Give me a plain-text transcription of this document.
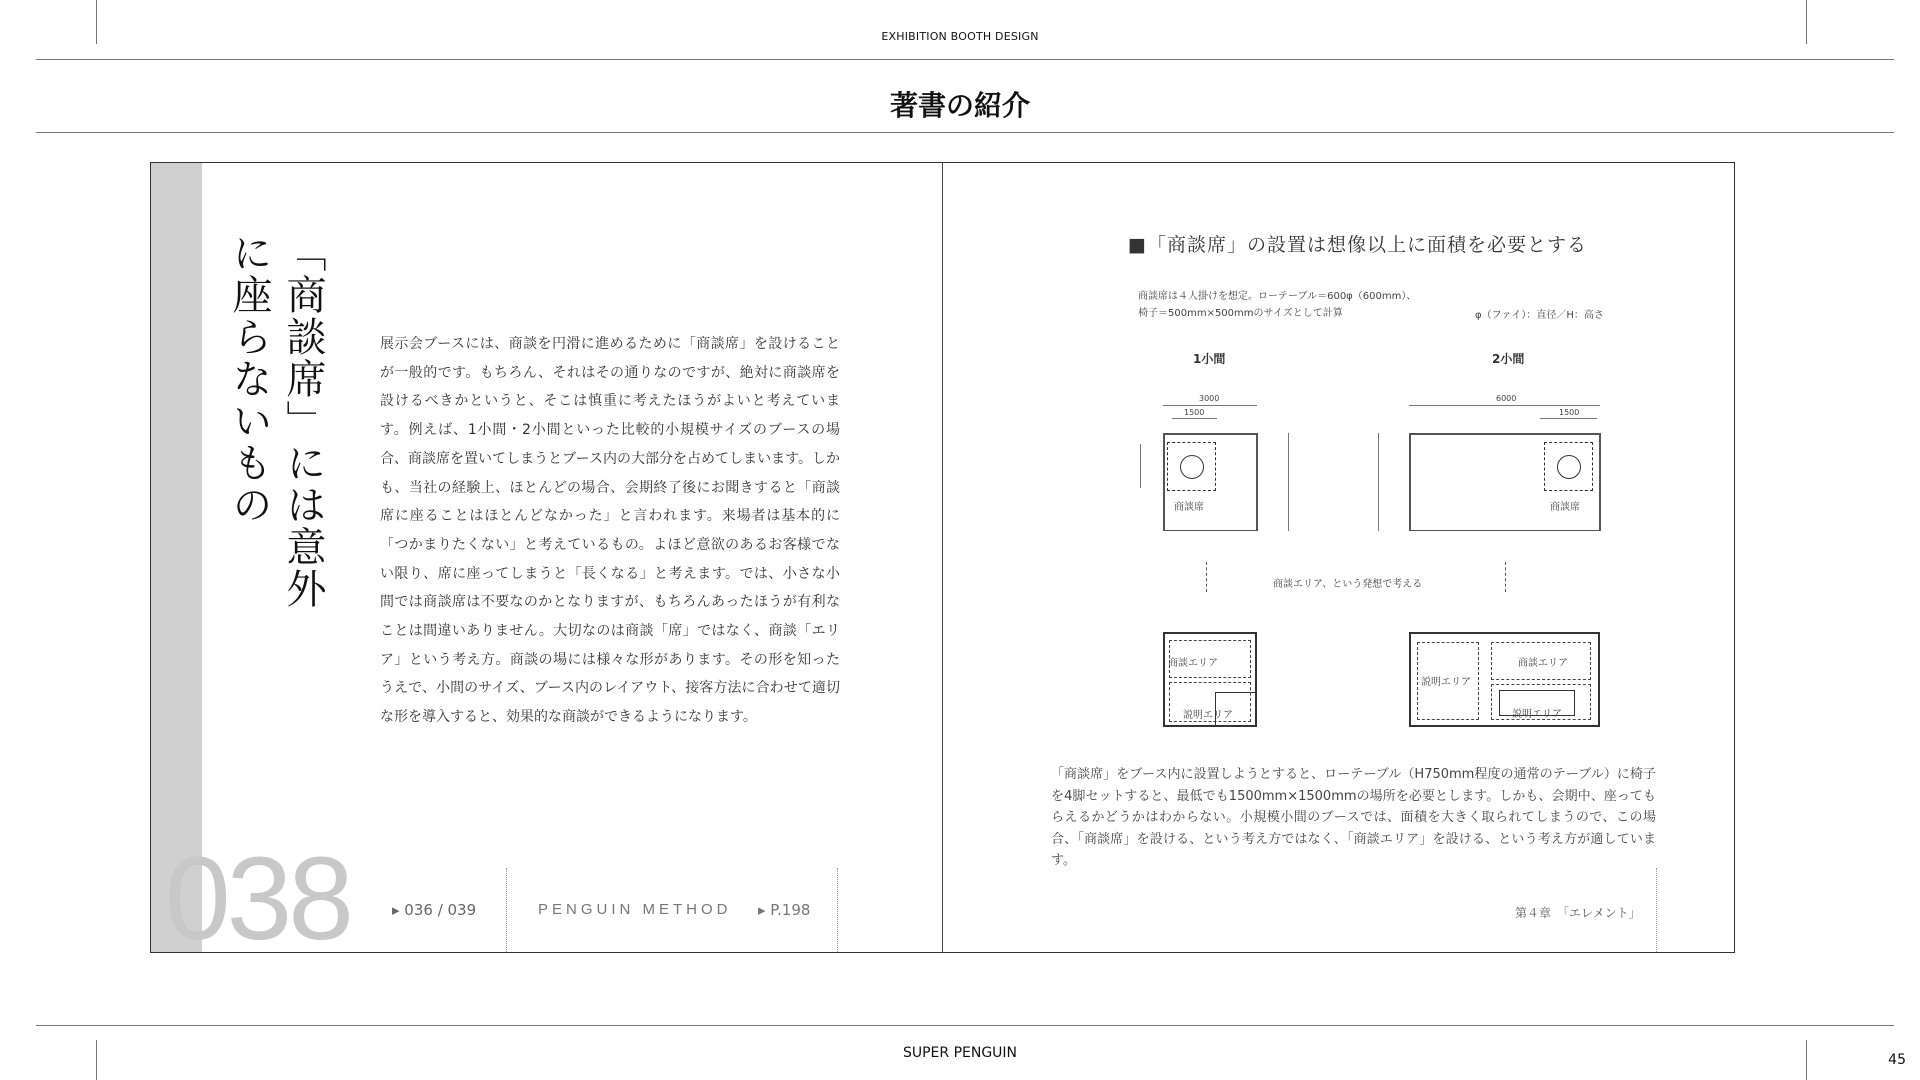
EXHIBITION BOOTH DESIGN
著書の紹介
SUPER PENGUIN	45
「商談席」には意外に座らないもの	展示会ブースには、商談を円滑に進めるために「商談席」を設けることが一般的です。もちろん、それはその通りなのですが、絶対に商談席を設けるべきかというと、そこは慎重に考えたほうがよいと考えています。例えば、1小間・2小間といった比較的小規模サイズのブースの場合、商談席を置いてしまうとブース内の大部分を占めてしまいます。しかも、当社の経験上、ほとんどの場合、会期終了後にお聞きすると「商談席に座ることはほとんどなかった」と言われます。来場者は基本的に「つかまりたくない」と考えているもの。よほど意欲のあるお客様でない限り、席に座ってしまうと「長くなる」と考えます。では、小さな小間では商談席は不要なのかとなりますが、もちろんあったほうが有利なことは間違いありません。大切なのは商談「席」ではなく、商談「エリア」という考え方。商談の場には様々な形があります。その形を知ったうえで、小間のサイズ、ブース内のレイアウト、接客方法に合わせて適切な形を導入すると、効果的な商談ができるようになります。
038	▸ 036 / 039	PENGUIN METHOD ▸ P.198
■「商談席」の設置は想像以上に面積を必要とする
商談席は４人掛けを想定。ローテーブル＝600φ（600mm）、
椅子＝500mm×500mmのサイズとして計算	φ（ファイ）：直径／H：高さ
1小間	2小間
3000
1500
商談席
6000
1500
商談席
商談エリア、という発想で考える
商談エリア
説明エリア
説明エリア
商談エリア
説明エリア
「商談席」をブース内に設置しようとすると、ローテーブル（H750mm程度の通常のテーブル）に椅子を4脚セットすると、最低でも1500mm×1500mmの場所を必要とします。しかも、会期中、座ってもらえるかどうかはわからない。小規模小間のブースでは、面積を大きく取られてしまうので、この場合、「商談席」を設ける、という考え方ではなく、「商談エリア」を設ける、という考え方が適しています。
第４章　「エレメント」
